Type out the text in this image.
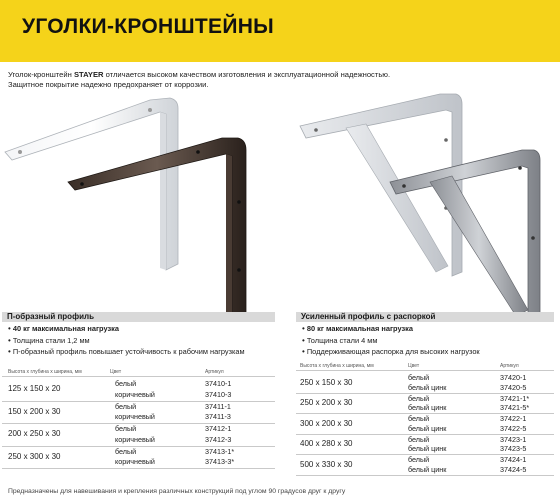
УГОЛКИ-КРОНШТЕЙНЫ
Уголок-кронштейн STAYER отличается высоком качеством изготовления и эксплуатационной надежностью.
Защитное покрытие надежно предохраняет от коррозии.
П-образный профиль
• 40 кг максимальная нагрузка
• Толщина стали 1,2 мм
• П-образный профиль повышает устойчивость к рабочим нагрузкам
Высота х глубина х ширина, мм	Цвет	Артикул
125 x 150 x 20
белый	37410-1
коричневый	37410-3
150 x 200 x 30
белый	37411-1
коричневый	37411-3
200 x 250 x 30
белый	37412-1
коричневый	37412-3
250 x 300 x 30
белый	37413-1*
коричневый	37413-3*
Усиленный профиль с распоркой
• 80 кг максимальная нагрузка
• Толщина стали 4 мм
• Поддерживающая распорка для высоких нагрузок
Высота х глубина х ширина, мм	Цвет	Артикул
250 x 150 x 30
белый	37420-1
белый цинк	37420-5
250 x 200 x 30
белый	37421-1*
белый цинк	37421-5*
300 x 200 x 30
белый	37422-1
белый цинк	37422-5
400 x 280 x 30
белый	37423-1
белый цинк	37423-5
500 x 330 x 30
белый	37424-1
белый цинк	37424-5
Предназначены для навешивания и крепления различных конструкций под углом 90 градусов друг к другу
